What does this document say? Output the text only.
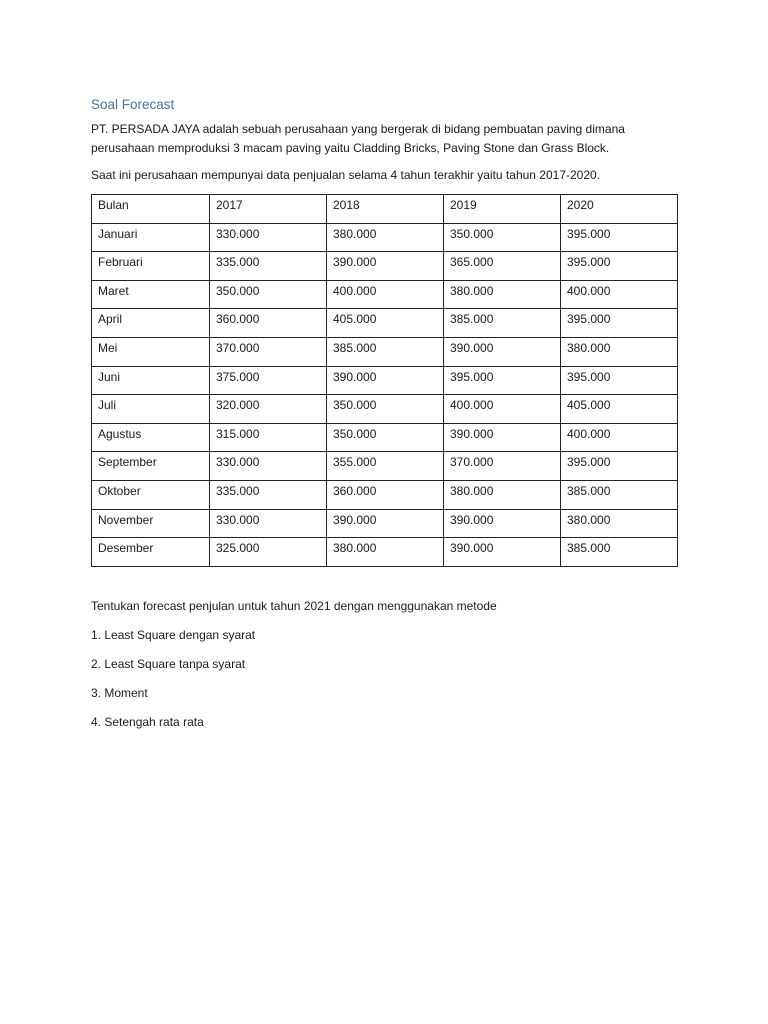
Soal Forecast

PT. PERSADA JAYA adalah sebuah perusahaan yang bergerak di bidang pembuatan paving dimana perusahaan memproduksi 3 macam paving yaitu Cladding Bricks, Paving Stone dan Grass Block.

Saat ini perusahaan mempunyai data penjualan selama 4 tahun terakhir yaitu tahun 2017-2020.

Bulan	2017	2018	2019	2020
Januari	330.000	380.000	350.000	395.000
Februari	335.000	390.000	365.000	395.000
Maret	350.000	400.000	380.000	400.000
April	360.000	405.000	385.000	395.000
Mei	370.000	385.000	390.000	380.000
Juni	375.000	390.000	395.000	395.000
Juli	320.000	350.000	400.000	405.000
Agustus	315.000	350.000	390.000	400.000
September	330.000	355.000	370.000	395.000
Oktober	335.000	360.000	380.000	385.000
November	330.000	390.000	390.000	380.000
Desember	325.000	380.000	390.000	385.000
Tentukan forecast penjulan untuk tahun 2021 dengan menggunakan metode
1. Least Square dengan syarat
2. Least Square tanpa syarat
3. Moment
4. Setengah rata rata
